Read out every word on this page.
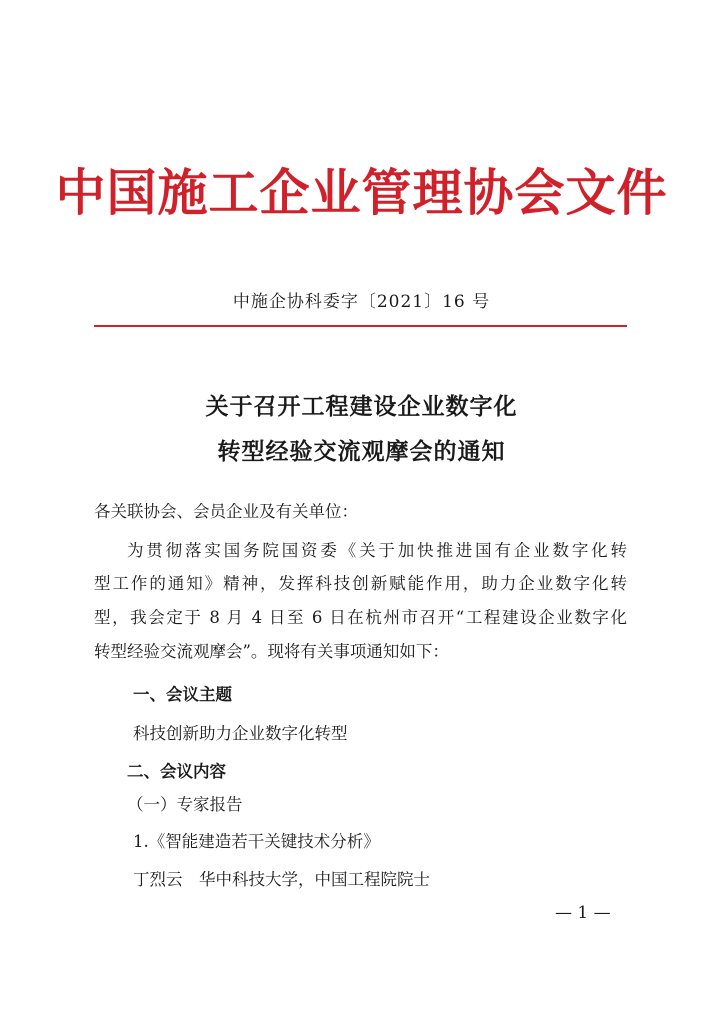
中国施工企业管理协会文件
中施企协科委字〔2021〕16 号
关于召开工程建设企业数字化
转型经验交流观摩会的通知
各关联协会、会员企业及有关单位：
为贯彻落实国务院国资委《关于加快推进国有企业数字化转
型工作的通知》精神，发挥科技创新赋能作用，助力企业数字化转
型，我会定于 8 月 4 日至 6 日在杭州市召开“工程建设企业数字化
转型经验交流观摩会”。现将有关事项通知如下：
一、会议主题
科技创新助力企业数字化转型
二、会议内容
（一）专家报告
1.《智能建造若干关键技术分析》
丁烈云　华中科技大学，中国工程院院士
— 1 —
